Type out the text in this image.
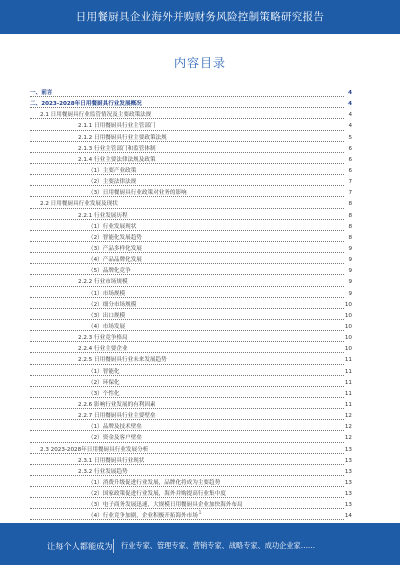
日用餐厨具企业海外并购财务风险控制策略研究报告
内容目录
一、前言	4
二、2023-2028年日用餐厨具行业发展概况	4
2.1 日用餐厨具行业监管情况及主要政策法规	4
2.1.1 日用餐厨具行业主管部门	4
2.1.2 日用餐厨具行业主要政策法规	5
2.1.3 行业主管部门和监管体制	6
2.1.4 行业主要法律法规及政策	6
（1）主要产业政策	6
（2）主要法律法规	7
（3）日用餐厨具行业政策对业务的影响	7
2.2 日用餐厨具行业发展及现状	8
2.2.1 行业发展历程	8
（1）行业发展现状	8
（2）智能化发展趋势	8
（3）产品多样化发展	9
（4）产品品牌化发展	9
（5）品牌化竞争	9
2.2.2 行业市场规模	9
（1）市场规模	9
（2）细分市场规模	10
（3）出口规模	10
（4）市场发展	10
2.2.3 行业竞争格局	10
2.2.4 行业主要企业	10
2.2.5 日用餐厨具行业未来发展趋势	11
（1）智能化	11
（2）环保化	11
（3）个性化	11
2.2.6 影响行业发展的有利因素	11
2.2.7 日用餐厨具行业主要壁垒	12
（1）品牌及技术壁垒	12
（2）资金及客户壁垒	12
2.3 2023-2028年日用餐厨具行业发展分析	13
2.3.1 日用餐厨具行业现状	13
2.3.2 行业发展趋势	13
（1）消费升级促进行业发展，品牌化将成为主要趋势	13
（2）国家政策促进行业发展，海外并购提高行业集中度	13
（3）电子商务发展迅速，大规模日用餐厨具企业加快海外布局	13
（4）行业竞争加剧，企业积极开拓海外市场	14
1
让每个人都能成为 行业专家、管理专家、营销专家、战略专家、成功企业家……
